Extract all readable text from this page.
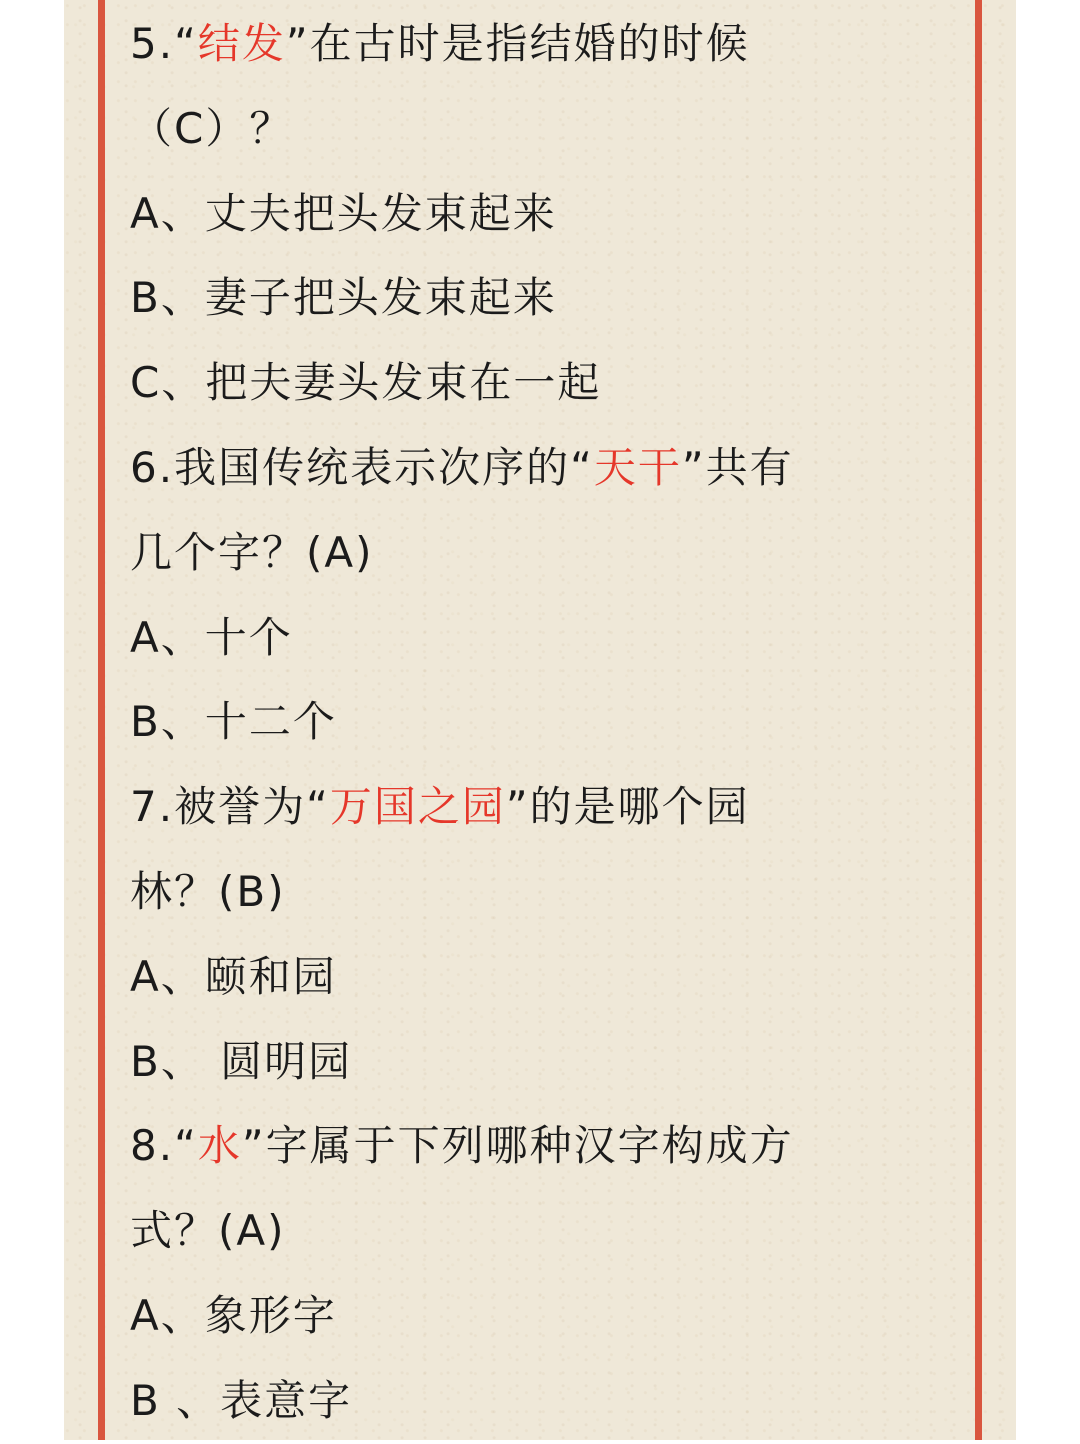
5.“结发”在古时是指结婚的时候
（C）？
A、丈夫把头发束起来
B、妻子把头发束起来
C、把夫妻头发束在一起
6.我国传统表示次序的“天干”共有
几个字？(A)
A、十个
B、十二个
7.被誉为“万国之园”的是哪个园
林？(B)
A、颐和园
B、 圆明园
8.“水”字属于下列哪种汉字构成方
式？(A)
A、象形字
B 、表意字
